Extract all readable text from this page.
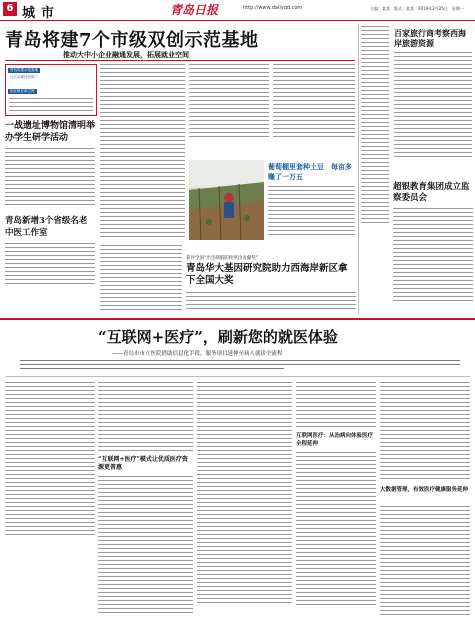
6 城市	青岛日报	http://www.dailyqd.com	主编：某某　版式：某某　2019年3月25日　星期一
青岛将建7个市级双创示范基地
推动大中小企业融通发展，拓展就业空间
青岛将建示范基地
社区治理经验推广
创业就业新空间
一战遗址博物馆清明举办学生研学活动
青岛新增3个省级名老中医工作室
葡萄棚里套种土豆　每亩多赚了一万五
获评全国“出生缺陷防控突出贡献奖”
青岛华大基因研究院助力西海岸新区拿下全国大奖
百家旅行商考察西海岸旅游资源
超银教育集团成立监察委员会
“互联网+医疗”，刷新您的就医体验
——青岛市市立医院借助信息化手段，服务项目延伸至病人就诊全流程
“互联网+医疗”模式让优质医疗资源更普惠
互联网医疗：从治病向体验医疗全程延伸
大数据管理，有效医疗健康服务延伸
